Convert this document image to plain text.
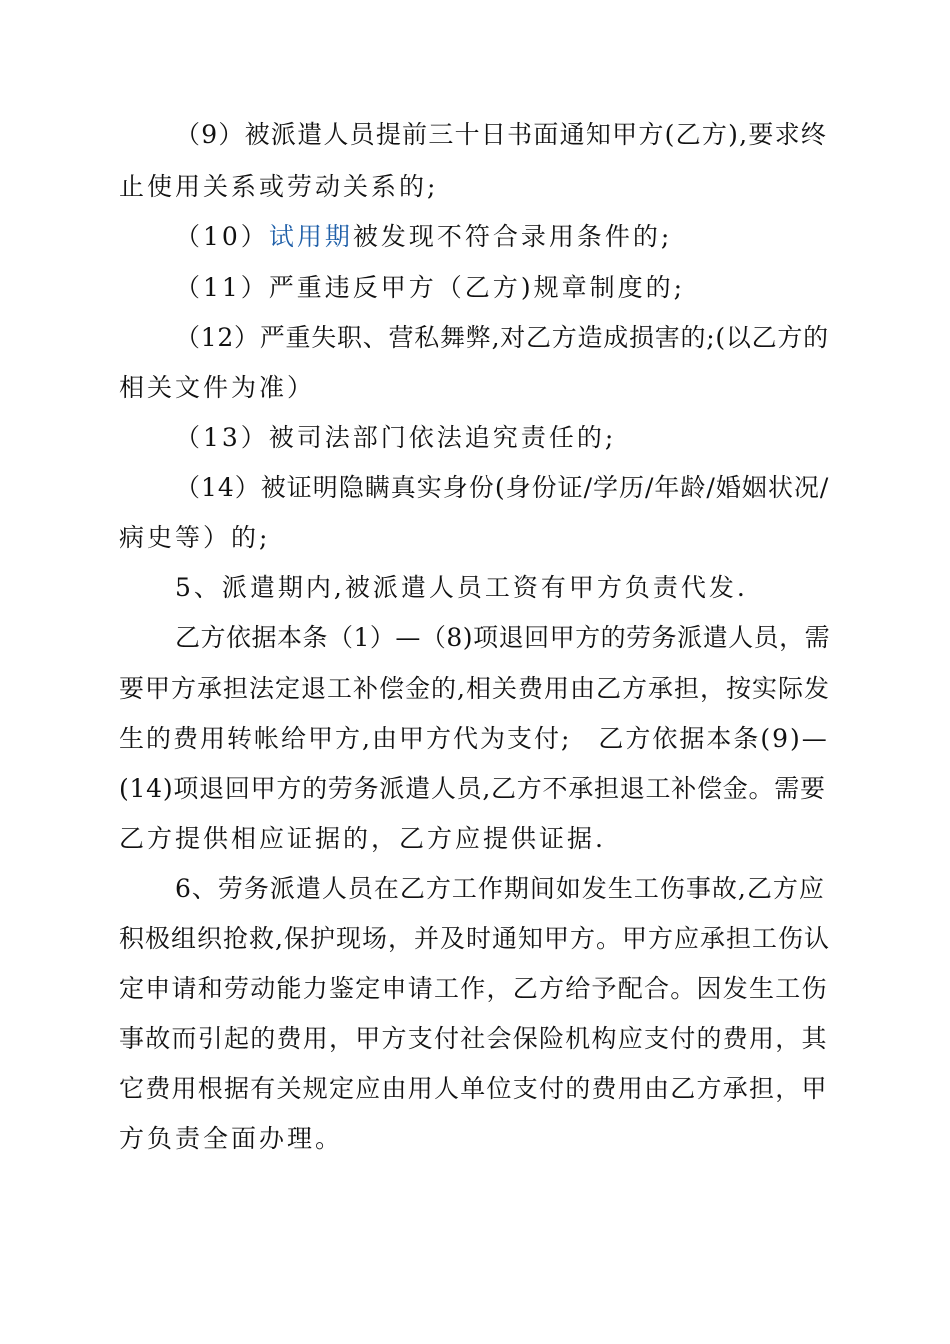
（9）被派遣人员提前三十日书面通知甲方(乙方),要求终
止使用关系或劳动关系的;
（10）试用期被发现不符合录用条件的;
（11）严重违反甲方（乙方)规章制度的;
（12）严重失职、营私舞弊,对乙方造成损害的;(以乙方的
相关文件为准）
（13）被司法部门依法追究责任的;
（14）被证明隐瞒真实身份(身份证/学历/年龄/婚姻状况/
病史等）的;
5、派遣期内,被派遣人员工资有甲方负责代发.
乙方依据本条（1）—（8)项退回甲方的劳务派遣人员，需
要甲方承担法定退工补偿金的,相关费用由乙方承担，按实际发
生的费用转帐给甲方,由甲方代为支付;　乙方依据本条(9)—
(14)项退回甲方的劳务派遣人员,乙方不承担退工补偿金。需要
乙方提供相应证据的，乙方应提供证据.
6、劳务派遣人员在乙方工作期间如发生工伤事故,乙方应
积极组织抢救,保护现场，并及时通知甲方。甲方应承担工伤认
定申请和劳动能力鉴定申请工作，乙方给予配合。因发生工伤
事故而引起的费用，甲方支付社会保险机构应支付的费用，其
它费用根据有关规定应由用人单位支付的费用由乙方承担，甲
方负责全面办理。
